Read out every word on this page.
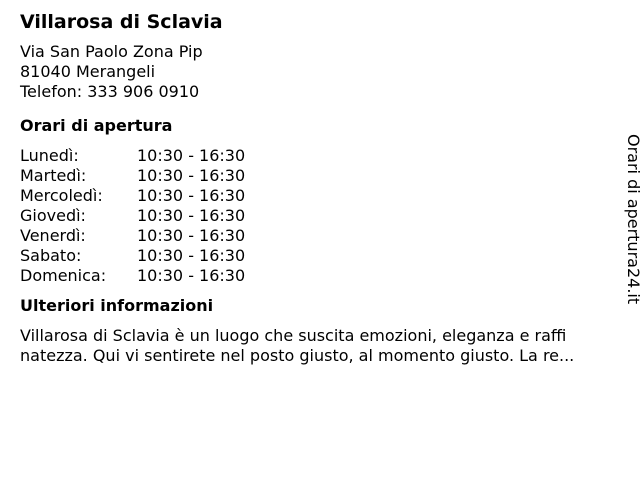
Villarosa di Sclavia
Via San Paolo Zona Pip
81040 Merangeli
Telefon: 333 906 0910
Orari di apertura
Lunedì:	10:30 - 16:30
Martedì:	10:30 - 16:30
Mercoledì:	10:30 - 16:30
Giovedì:	10:30 - 16:30
Venerdì:	10:30 - 16:30
Sabato:	10:30 - 16:30
Domenica:	10:30 - 16:30
Ulteriori informazioni
Villarosa di Sclavia è un luogo che suscita emozioni, eleganza e raffi
natezza. Qui vi sentirete nel posto giusto, al momento giusto. La re...
Orari di apertura24.it
